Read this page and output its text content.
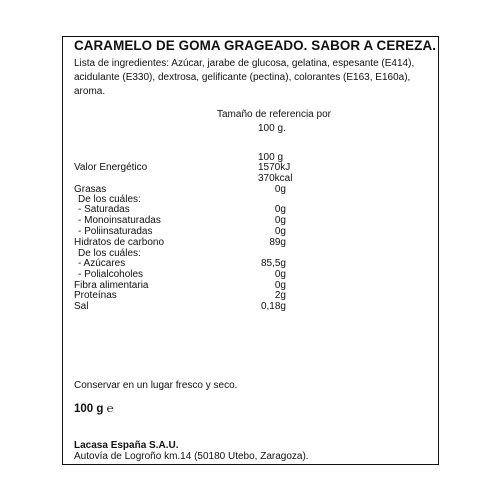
CARAMELO DE GOMA GRAGEADO. SABOR A CEREZA.
Lista de ingredientes: Azúcar, jarabe de glucosa, gelatina, espesante (E414), acidulante (E330), dextrosa, gelificante (pectina), colorantes (E163, E160a), aroma.
Tamaño de referencia por
100 g.
100 g
Valor Energético	1570kJ
370kcal
Grasas	0g
De los cuáles:
- Saturadas	0g
- Monoinsaturadas	0g
- Poliinsaturadas	0g
Hidratos de carbono	89g
De los cuáles:
- Azúcares	85,5g
- Polialcoholes	0g
Fibra alimentaria	0g
Proteínas	2g
Sal	0,18g
Conservar en un lugar fresco y seco.
100 g ℮
Lacasa España S.A.U.
Autovía de Logroño km.14 (50180 Utebo, Zaragoza).
